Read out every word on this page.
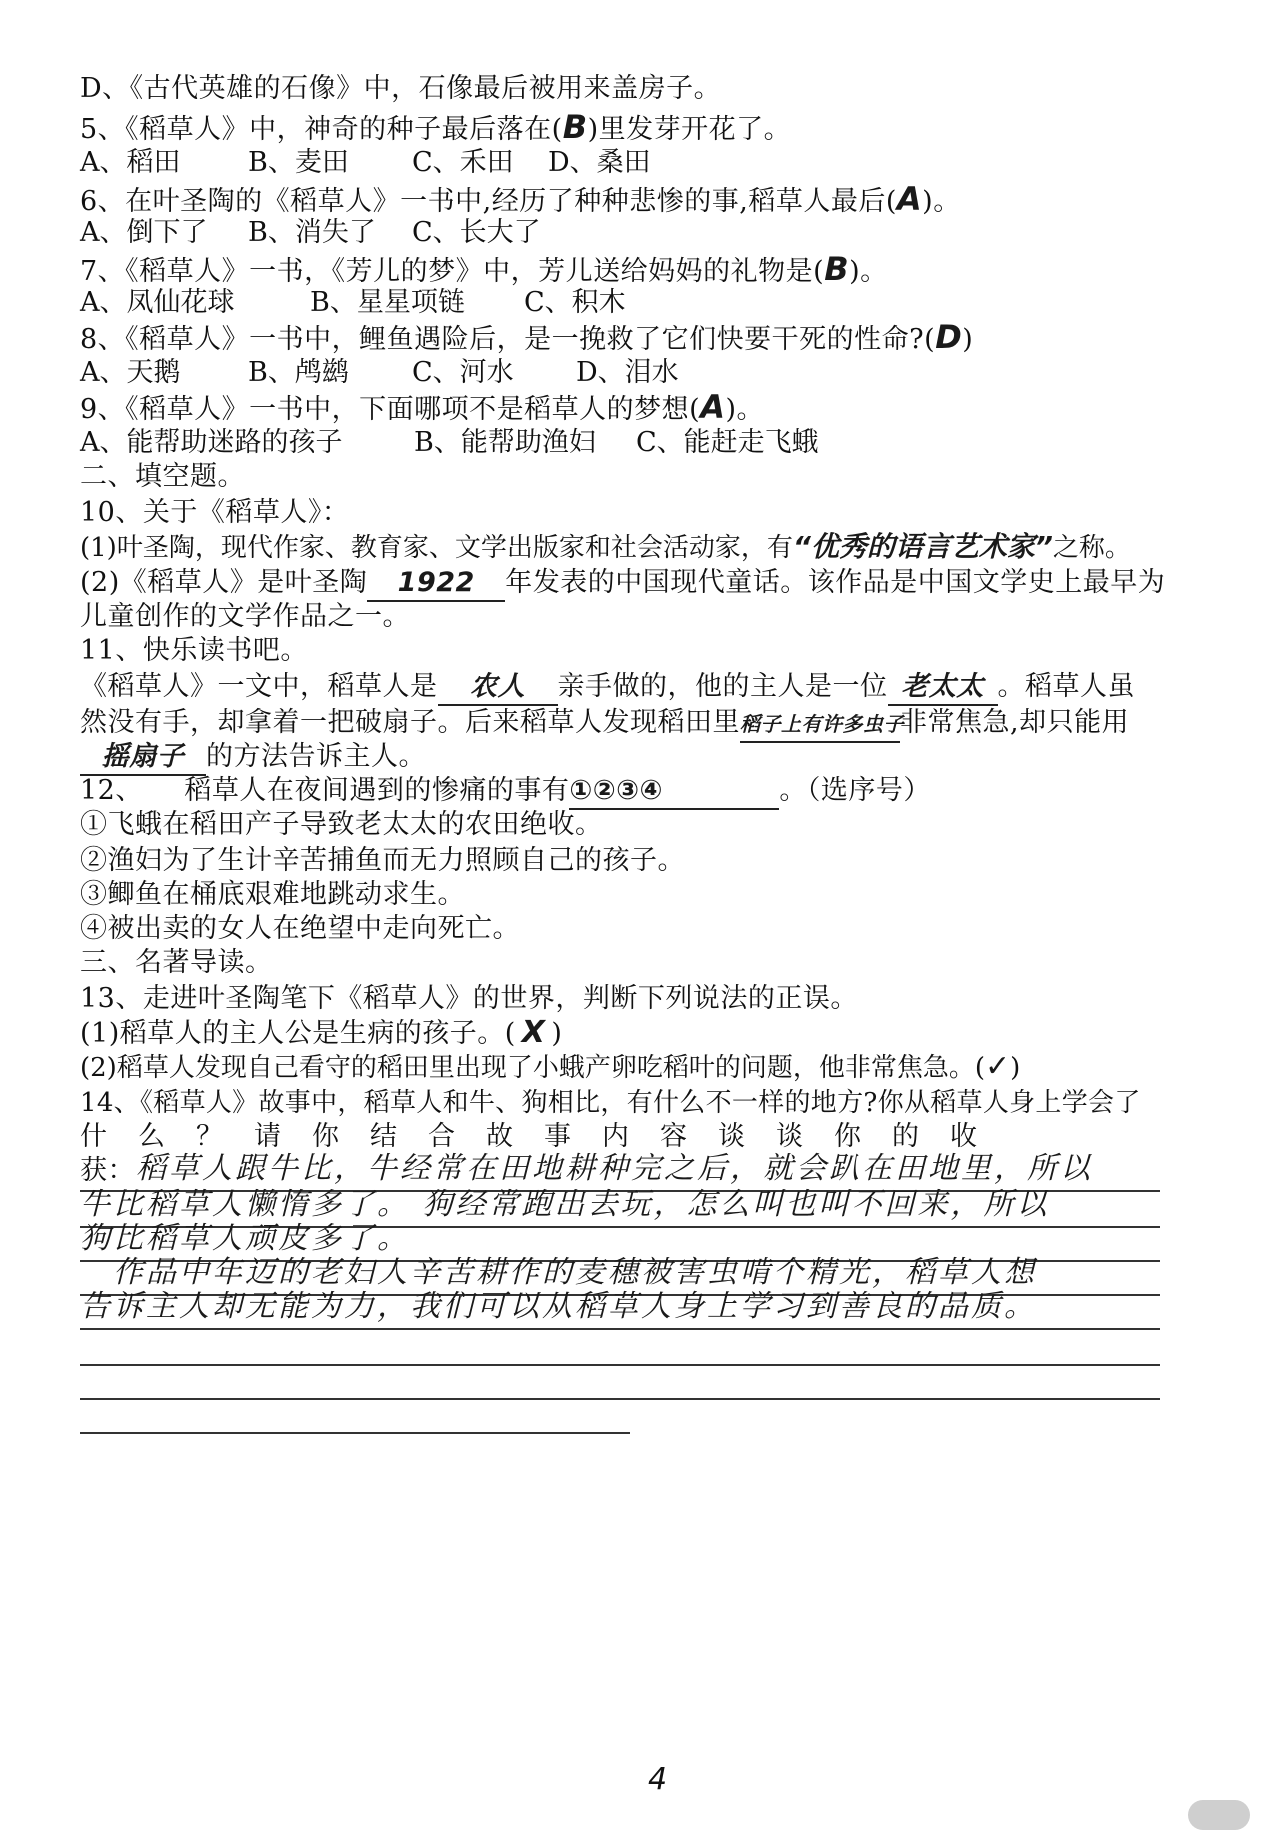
D、《古代英雄的石像》中，石像最后被用来盖房子。
5、《稻草人》中，神奇的种子最后落在(B)里发芽开花了。
A、稻田	B、麦田 C、禾田 D、桑田
6、在叶圣陶的《稻草人》一书中,经历了种种悲惨的事,稻草人最后(A)。
A、倒下了 B、消失了 C、长大了
7、《稻草人》一书，《芳儿的梦》中，芳儿送给妈妈的礼物是(B)。
A、凤仙花球	B、星星项链 C、积木
8、《稻草人》一书中，鲤鱼遇险后，是一挽救了它们快要干死的性命?(D)
A、天鹅	B、鸬鹚 C、河水 D、泪水
9、《稻草人》一书中，下面哪项不是稻草人的梦想(A)。
A、能帮助迷路的孩子	B、能帮助渔妇 C、能赶走飞蛾
二、填空题。
10、关于《稻草人》：
(1)叶圣陶，现代作家、教育家、文学出版家和社会活动家，有“优秀的语言艺术家”之称。
(2)《稻草人》是叶圣陶 1922 年发表的中国现代童话。该作品是中国文学史上最早为
儿童创作的文学作品之一。
11、快乐读书吧。
《稻草人》一文中，稻草人是 农人 亲手做的，他的主人是一位 老太太 。稻草人虽
然没有手，却拿着一把破扇子。后来稻草人发现稻田里稻子上有许多虫子非常焦急,却只能用
摇扇子 的方法告诉主人。
12、　　稻草人在夜间遇到的惨痛的事有①②③④	。（选序号）
①飞蛾在稻田产子导致老太太的农田绝收。
②渔妇为了生计辛苦捕鱼而无力照顾自己的孩子。
③鲫鱼在桶底艰难地跳动求生。
④被出卖的女人在绝望中走向死亡。
三、名著导读。
13、走进叶圣陶笔下《稻草人》的世界，判断下列说法的正误。
(1)稻草人的主人公是生病的孩子。( X )
(2)稻草人发现自己看守的稻田里出现了小蛾产卵吃稻叶的问题，他非常焦急。(✓)
14、《稻草人》故事中，稻草人和牛、狗相比，有什么不一样的地方?你从稻草人身上学会了
什　么　？　请　你　结　合　故　事　内　容　谈　谈　你　的　收
获： 稻草人跟牛比，牛经常在田地耕种完之后，就会趴在田地里，所以
牛比稻草人懒惰多了。 狗经常跑出去玩，怎么叫也叫不回来，所以
狗比稻草人顽皮多了。
　作品中年迈的老妇人辛苦耕作的麦穗被害虫啃个精光，稻草人想
告诉主人却无能为力，我们可以从稻草人身上学习到善良的品质。
4
